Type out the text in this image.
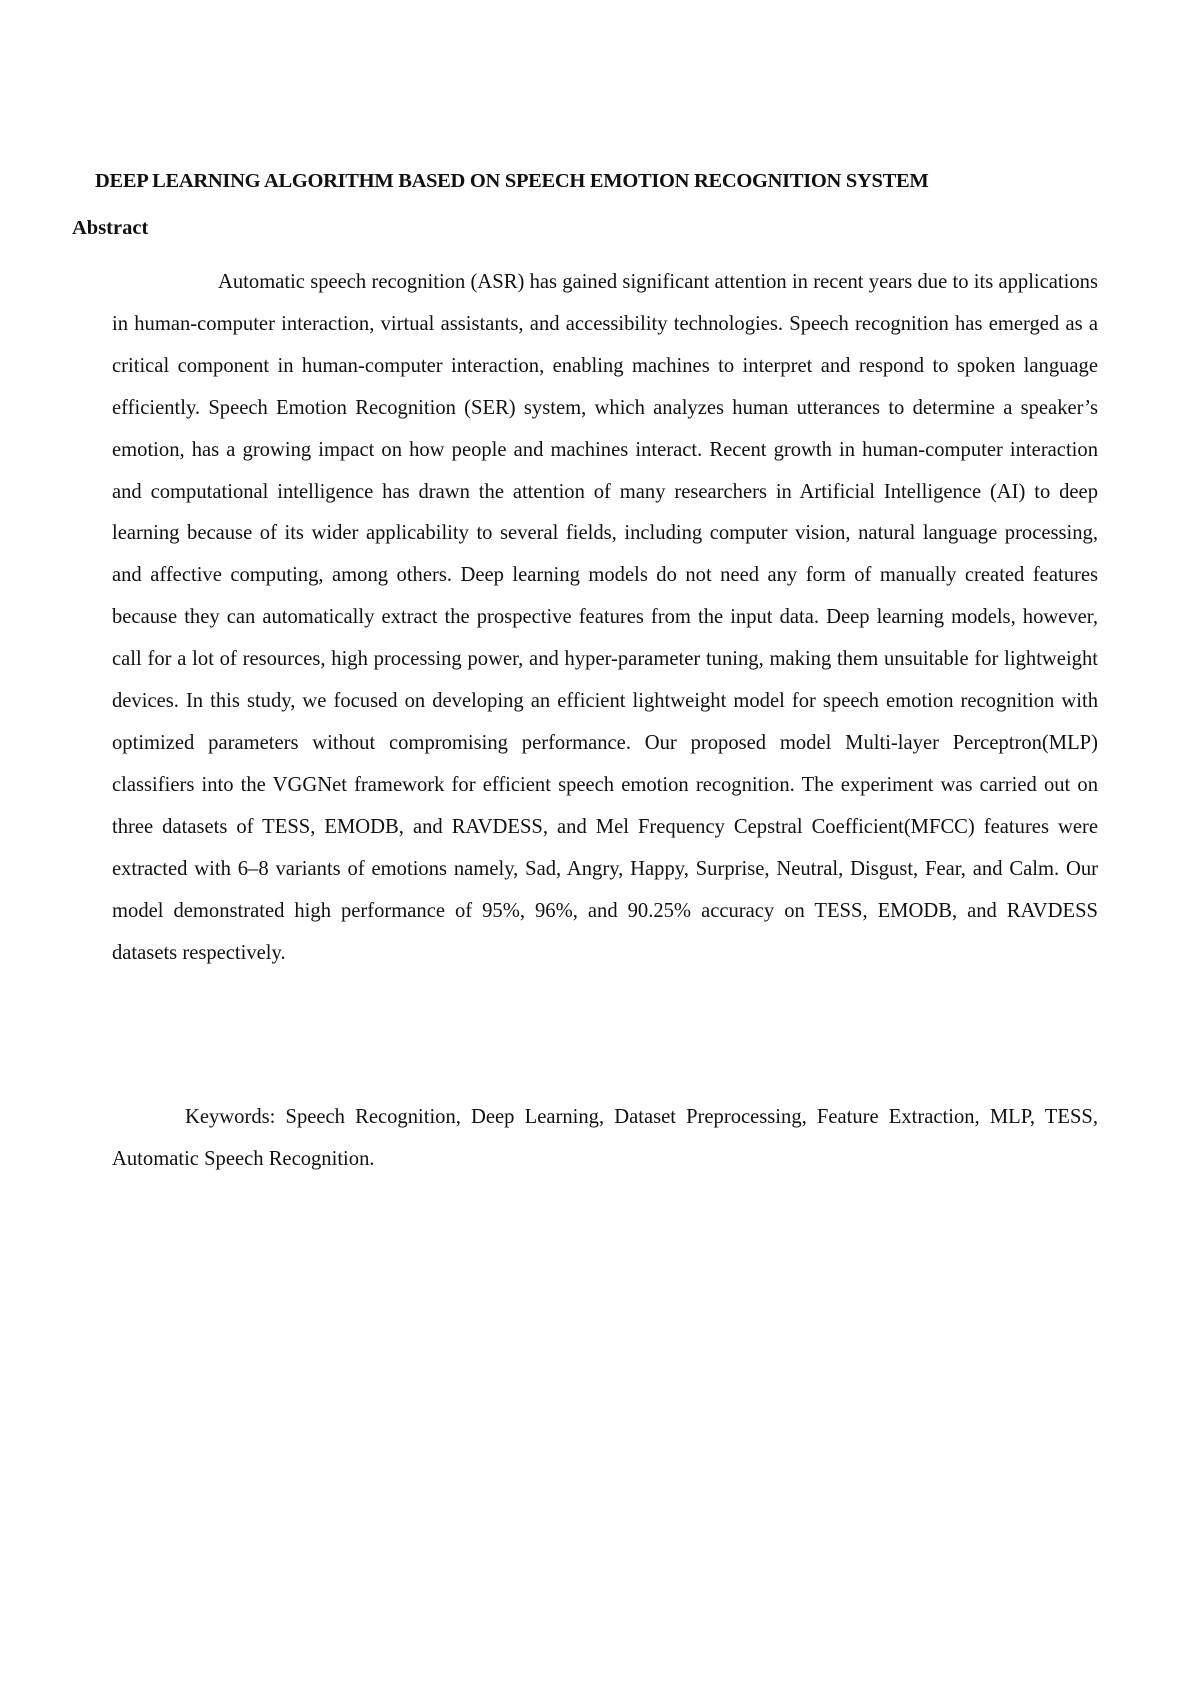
DEEP LEARNING ALGORITHM BASED ON SPEECH EMOTION RECOGNITION SYSTEM
Abstract

Automatic speech recognition (ASR) has gained significant attention in recent years due to its applications in human-computer interaction, virtual assistants, and accessibility technologies. Speech recognition has emerged as a critical component in human-computer interaction, enabling machines to interpret and respond to spoken language efficiently. Speech Emotion Recognition (SER) system, which analyzes human utterances to determine a speaker’s emotion, has a growing impact on how people and machines interact. Recent growth in human-computer interaction and computational intelligence has drawn the attention of many researchers in Artificial Intelligence (AI) to deep learning because of its wider applicability to several fields, including computer vision, natural language processing, and affective computing, among others. Deep learning models do not need any form of manually created features because they can automatically extract the prospective features from the input data. Deep learning models, however, call for a lot of resources, high processing power, and hyper-parameter tuning, making them unsuitable for lightweight devices. In this study, we focused on developing an efficient lightweight model for speech emotion recognition with optimized parameters without compromising performance. Our proposed model Multi-layer Perceptron(MLP) classifiers into the VGGNet framework for efficient speech emotion recognition. The experiment was carried out on three datasets of TESS, EMODB, and RAVDESS, and Mel Frequency Cepstral Coefficient(MFCC) features were extracted with 6–8 variants of emotions namely, Sad, Angry, Happy, Surprise, Neutral, Disgust, Fear, and Calm. Our model demonstrated high performance of 95%, 96%, and 90.25% accuracy on TESS, EMODB, and RAVDESS datasets respectively.

Keywords: Speech Recognition, Deep Learning, Dataset Preprocessing, Feature Extraction, MLP, TESS, Automatic Speech Recognition.
